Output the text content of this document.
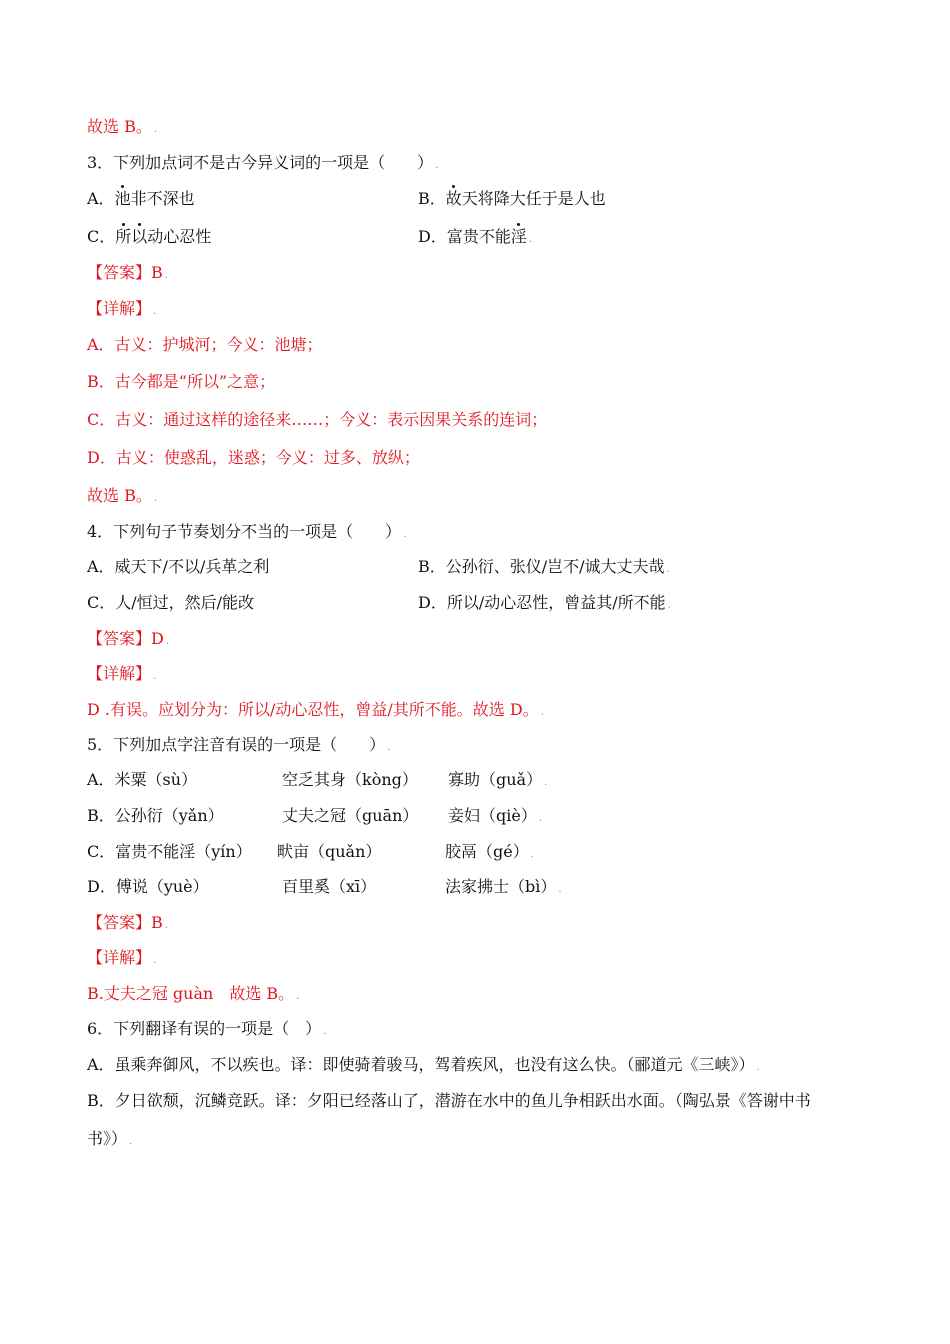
故选 B。 .
3．下列加点词不是古今异义词的一项是（　　） .
A．池非不深也	B．故天将降大任于是人也
C．所以动心忍性	D．富贵不能淫 .
【答案】B .
【详解】 .
A．古义：护城河；今义：池塘；
B．古今都是“所以”之意；
C．古义：通过这样的途径来……；今义：表示因果关系的连词；
D．古义：使惑乱，迷惑；今义：过多、放纵；
故选 B。 .
4．下列句子节奏划分不当的一项是（　　） .
A．威天下/不以/兵革之利	B．公孙衍、张仪/岂不/诚大丈夫哉 .
C．人/恒过，然后/能改	D．所以/动心忍性，曾益其/所不能 .
【答案】D .
【详解】 .
D .有误。应划分为：所以/动心忍性，曾益/其所不能。故选 D。 .
5．下列加点字注音有误的一项是（　　） .
A．米粟（sù）	空乏其身（kòng） 寡助（guǎ） .
B．公孙衍（yǎn）	丈夫之冠（guān） 妾妇（qiè） .
C．富贵不能淫（yín） 畎亩（quǎn）	胶鬲（gé） .
D．傅说（yuè）	百里奚（xī）	法家拂士（bì） .
【答案】B .
【详解】 .
B.丈夫之冠 guàn　故选 B。 .
6．下列翻译有误的一项是（　） .
A．虽乘奔御风，不以疾也。译：即使骑着骏马，驾着疾风，也没有这么快。（郦道元《三峡》） .
B．夕日欲颓，沉鳞竞跃。译：夕阳已经落山了，潜游在水中的鱼儿争相跃出水面。（陶弘景《答谢中书
书》） .
